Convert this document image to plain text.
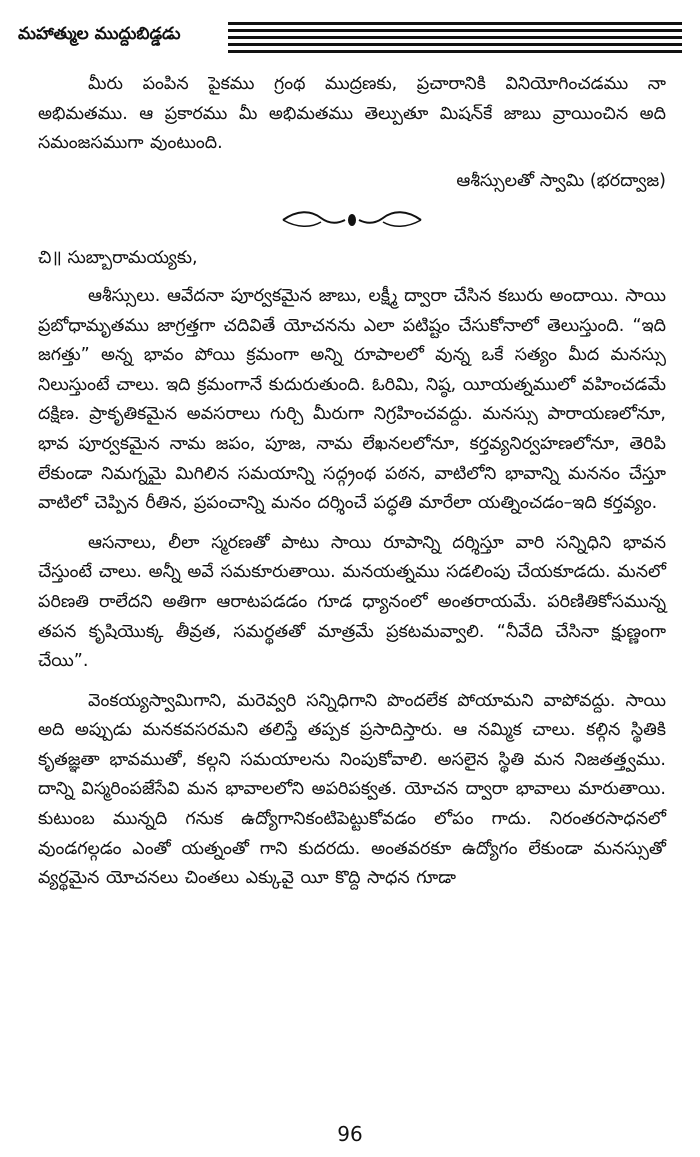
మహాత్ముల ముద్దుబిడ్డడు

మీరు పంపిన పైకము గ్రంథ ముద్రణకు, ప్రచారానికి వినియోగించడము నా అభిమతము. ఆ ప్రకారము మీ అభిమతము తెల్పుతూ మిషన్‌కే జాబు వ్రాయించిన అది సమంజసముగా వుంటుంది.

ఆశీస్సులతో స్వామి (భరద్వాజ)

చి॥ సుబ్బారామయ్యకు,

ఆశీస్సులు. ఆవేదనా పూర్వకమైన జాబు, లక్ష్మీ ద్వారా చేసిన కబురు అందాయి. సాయి ప్రబోధామృతము జాగ్రత్తగా చదివితే యోచనను ఎలా పటిష్టం చేసుకోనాలో తెలుస్తుంది. “ఇది జగత్తు” అన్న భావం పోయి క్రమంగా అన్ని రూపాలలో వున్న ఒకే సత్యం మీద మనస్సు నిలుస్తుంటే చాలు. ఇది క్రమంగానే కుదురుతుంది. ఓరిమి, నిష్ఠ, యీయత్నములో వహించడమే దక్షిణ. ప్రాకృతికమైన అవసరాలు గుర్చి మీరుగా నిగ్రహించవద్దు. మనస్సు పారాయణలోనూ, భావ పూర్వకమైన నామ జపం, పూజ, నామ లేఖనలలోనూ, కర్తవ్యనిర్వహణలోనూ, తెరిపి లేకుండా నిమగ్నమై మిగిలిన సమయాన్ని సద్గ్రంథ పఠన, వాటిలోని భావాన్ని మననం చేస్తూ వాటిలో చెప్పిన రీతిన, ప్రపంచాన్ని మనం దర్శించే పద్ధతి మారేలా యత్నించడం–ఇది కర్తవ్యం.

ఆసనాలు, లీలా స్మరణతో పాటు సాయి రూపాన్ని దర్శిస్తూ వారి సన్నిధిని భావన చేస్తుంటే చాలు. అన్నీ అవే సమకూరుతాయి. మనయత్నము సడలింపు చేయకూడదు. మనలో పరిణతి రాలేదని అతిగా ఆరాటపడడం గూడ ధ్యానంలో అంతరాయమే. పరిణితికోసమున్న తపన కృషియొక్క తీవ్రత, సమర్థతతో మాత్రమే ప్రకటమవ్వాలి. “నీవేది చేసినా క్షుణ్ణంగా చేయి”.

వెంకయ్యస్వామిగాని, మరెవ్వరి సన్నిధిగాని పొందలేక పోయామని వాపోవద్దు. సాయి అది అప్పుడు మనకవసరమని తలిస్తే తప్పక ప్రసాదిస్తారు. ఆ నమ్మిక చాలు. కల్గిన స్థితికి కృతజ్ఞతా భావముతో, కల్గని సమయాలను నింపుకోవాలి. అసలైన స్థితి మన నిజతత్త్వము. దాన్ని విస్మరింపజేసేవి మన భావాలలోని అపరిపక్వత. యోచన ద్వారా భావాలు మారుతాయి. కుటుంబ మున్నది గనుక ఉద్యోగానికంటిపెట్టుకోవడం లోపం గాదు. నిరంతరసాధనలో వుండగల్గడం ఎంతో యత్నంతో గాని కుదరదు. అంతవరకూ ఉద్యోగం లేకుండా మనస్సుతో వ్యర్థమైన యోచనలు చింతలు ఎక్కువై యీ కొద్ది సాధన గూడా

96
